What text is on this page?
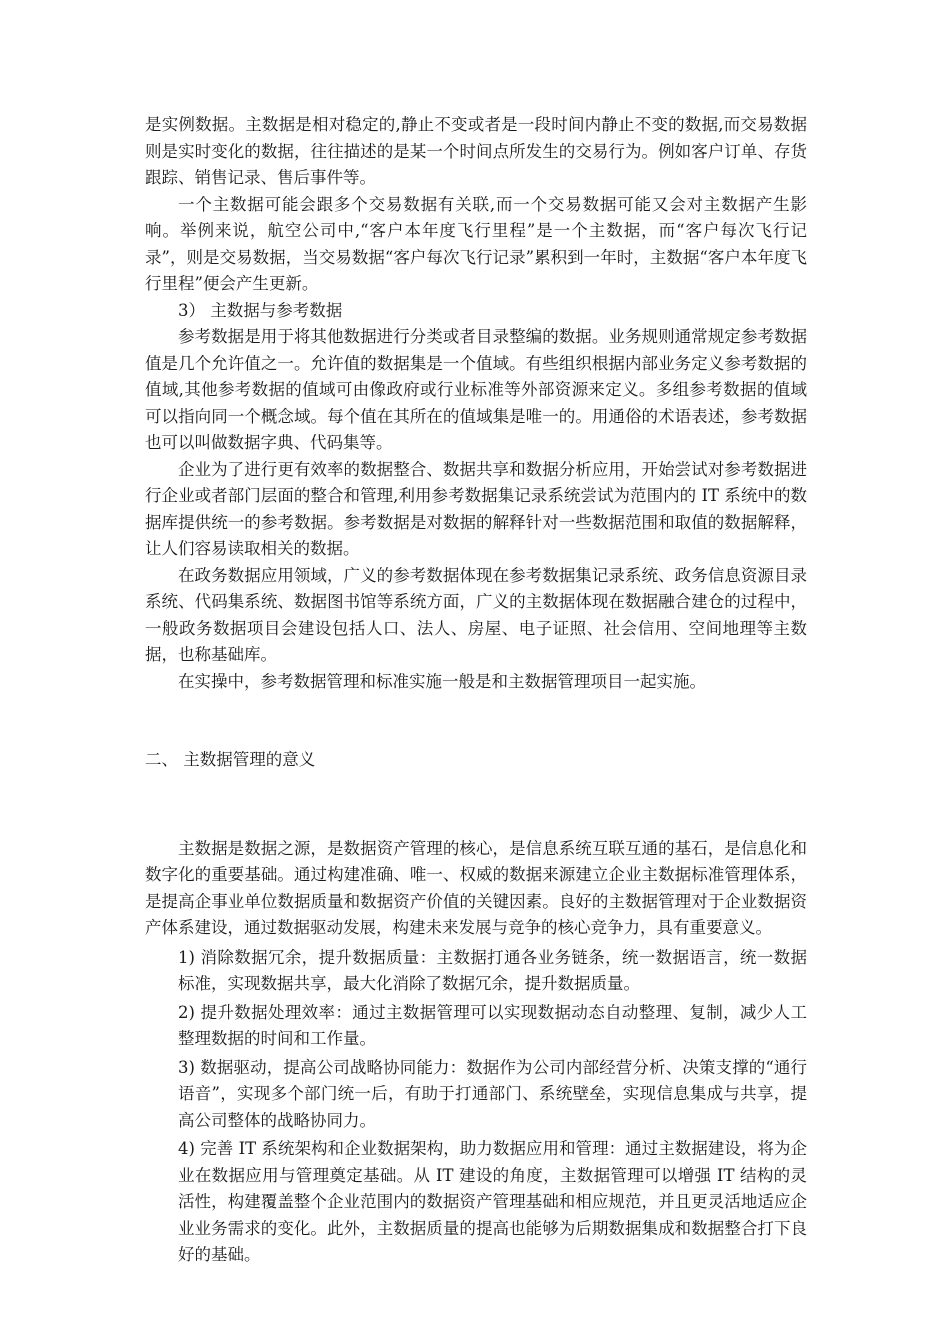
是实例数据。主数据是相对稳定的,静止不变或者是一段时间内静止不变的数据,而交易数据则是实时变化的数据，往往描述的是某一个时间点所发生的交易行为。例如客户订单、存货跟踪、销售记录、售后事件等。

一个主数据可能会跟多个交易数据有关联,而一个交易数据可能又会对主数据产生影响。举例来说，航空公司中,“客户本年度飞行里程”是一个主数据，而“客户每次飞行记录”，则是交易数据，当交易数据“客户每次飞行记录”累积到一年时，主数据“客户本年度飞行里程”便会产生更新。

3） 主数据与参考数据

参考数据是用于将其他数据进行分类或者目录整编的数据。业务规则通常规定参考数据值是几个允许值之一。允许值的数据集是一个值域。有些组织根据内部业务定义参考数据的值域,其他参考数据的值域可由像政府或行业标准等外部资源来定义。多组参考数据的值域可以指向同一个概念域。每个值在其所在的值域集是唯一的。用通俗的术语表述，参考数据也可以叫做数据字典、代码集等。

企业为了进行更有效率的数据整合、数据共享和数据分析应用，开始尝试对参考数据进行企业或者部门层面的整合和管理,利用参考数据集记录系统尝试为范围内的 IT 系统中的数据库提供统一的参考数据。参考数据是对数据的解释针对一些数据范围和取值的数据解释，让人们容易读取相关的数据。

在政务数据应用领域，广义的参考数据体现在参考数据集记录系统、政务信息资源目录系统、代码集系统、数据图书馆等系统方面，广义的主数据体现在数据融合建仓的过程中，一般政务数据项目会建设包括人口、法人、房屋、电子证照、社会信用、空间地理等主数据，也称基础库。

在实操中，参考数据管理和标准实施一般是和主数据管理项目一起实施。

二、 主数据管理的意义

主数据是数据之源，是数据资产管理的核心，是信息系统互联互通的基石，是信息化和数字化的重要基础。通过构建准确、唯一、权威的数据来源建立企业主数据标准管理体系，是提高企事业单位数据质量和数据资产价值的关键因素。良好的主数据管理对于企业数据资产体系建设，通过数据驱动发展，构建未来发展与竞争的核心竞争力，具有重要意义。

1) 消除数据冗余，提升数据质量：主数据打通各业务链条，统一数据语言，统一数据标准，实现数据共享，最大化消除了数据冗余，提升数据质量。

2) 提升数据处理效率：通过主数据管理可以实现数据动态自动整理、复制，减少人工整理数据的时间和工作量。

3) 数据驱动，提高公司战略协同能力：数据作为公司内部经营分析、决策支撑的“通行语音”，实现多个部门统一后，有助于打通部门、系统壁垒，实现信息集成与共享，提高公司整体的战略协同力。

4) 完善 IT 系统架构和企业数据架构，助力数据应用和管理：通过主数据建设，将为企业在数据应用与管理奠定基础。从 IT 建设的角度，主数据管理可以增强 IT 结构的灵活性，构建覆盖整个企业范围内的数据资产管理基础和相应规范，并且更灵活地适应企业业务需求的变化。此外，主数据质量的提高也能够为后期数据集成和数据整合打下良好的基础。
